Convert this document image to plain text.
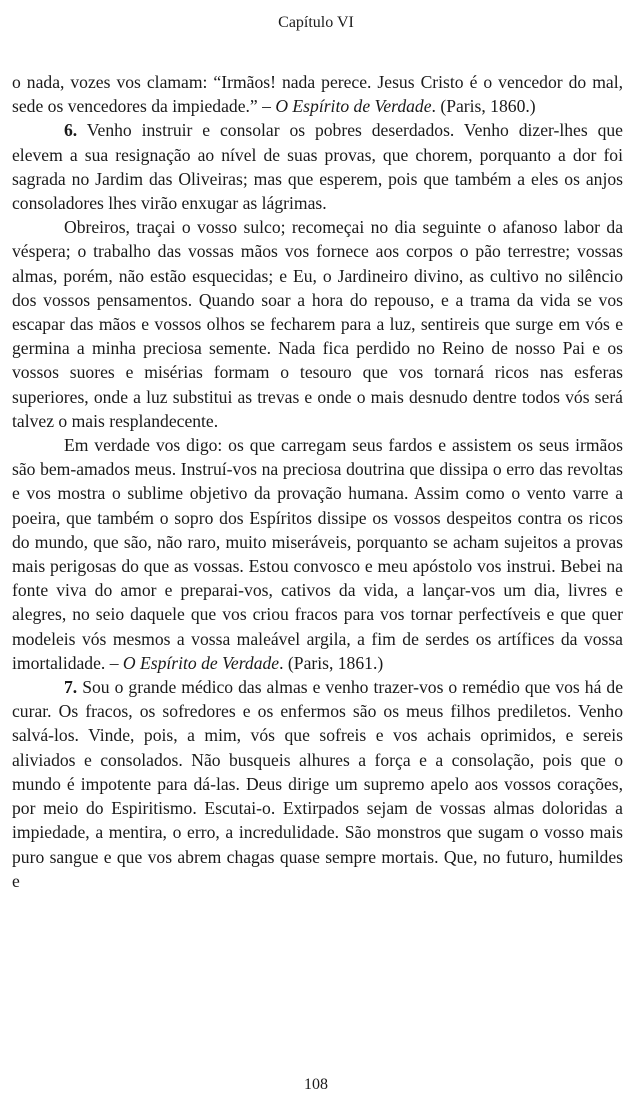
Capítulo VI

o nada, vozes vos clamam: “Irmãos! nada perece. Jesus Cristo é o vencedor do mal, sede os vencedores da impiedade.” – O Espírito de Verdade. (Paris, 1860.)

6. Venho instruir e consolar os pobres deserdados. Venho dizer-lhes que elevem a sua resignação ao nível de suas provas, que chorem, porquanto a dor foi sagrada no Jardim das Oliveiras; mas que esperem, pois que também a eles os anjos consoladores lhes virão enxugar as lágrimas.

Obreiros, traçai o vosso sulco; recomeçai no dia seguinte o afanoso labor da véspera; o trabalho das vossas mãos vos fornece aos corpos o pão terrestre; vossas almas, porém, não estão esquecidas; e Eu, o Jardineiro divino, as cultivo no silêncio dos vossos pensamentos. Quando soar a hora do repouso, e a trama da vida se vos escapar das mãos e vossos olhos se fecharem para a luz, sentireis que surge em vós e germina a minha preciosa semente. Nada fica perdido no Reino de nosso Pai e os vossos suores e misérias formam o tesouro que vos tornará ricos nas esferas superiores, onde a luz substitui as trevas e onde o mais desnudo dentre todos vós será talvez o mais resplandecente.

Em verdade vos digo: os que carregam seus fardos e assistem os seus irmãos são bem-amados meus. Instruí-vos na preciosa doutrina que dissipa o erro das revoltas e vos mostra o sublime objetivo da provação humana. Assim como o vento varre a poeira, que também o sopro dos Espíritos dissipe os vossos despeitos contra os ricos do mundo, que são, não raro, muito miseráveis, porquanto se acham sujeitos a provas mais perigosas do que as vossas. Estou convosco e meu apóstolo vos instrui. Bebei na fonte viva do amor e preparai-vos, cativos da vida, a lançar-vos um dia, livres e alegres, no seio daquele que vos criou fracos para vos tornar perfectíveis e que quer modeleis vós mesmos a vossa maleável argila, a fim de serdes os artífices da vossa imortalidade. – O Espírito de Verdade. (Paris, 1861.)

7. Sou o grande médico das almas e venho trazer-vos o remédio que vos há de curar. Os fracos, os sofredores e os enfermos são os meus filhos prediletos. Venho salvá-los. Vinde, pois, a mim, vós que sofreis e vos achais oprimidos, e sereis aliviados e consolados. Não busqueis alhures a força e a consolação, pois que o mundo é impotente para dá-las. Deus dirige um supremo apelo aos vossos corações, por meio do Espiritismo. Escutai-o. Extirpados sejam de vossas almas doloridas a impiedade, a mentira, o erro, a incredulidade. São monstros que sugam o vosso mais puro sangue e que vos abrem chagas quase sempre mortais. Que, no futuro, humildes e

108
